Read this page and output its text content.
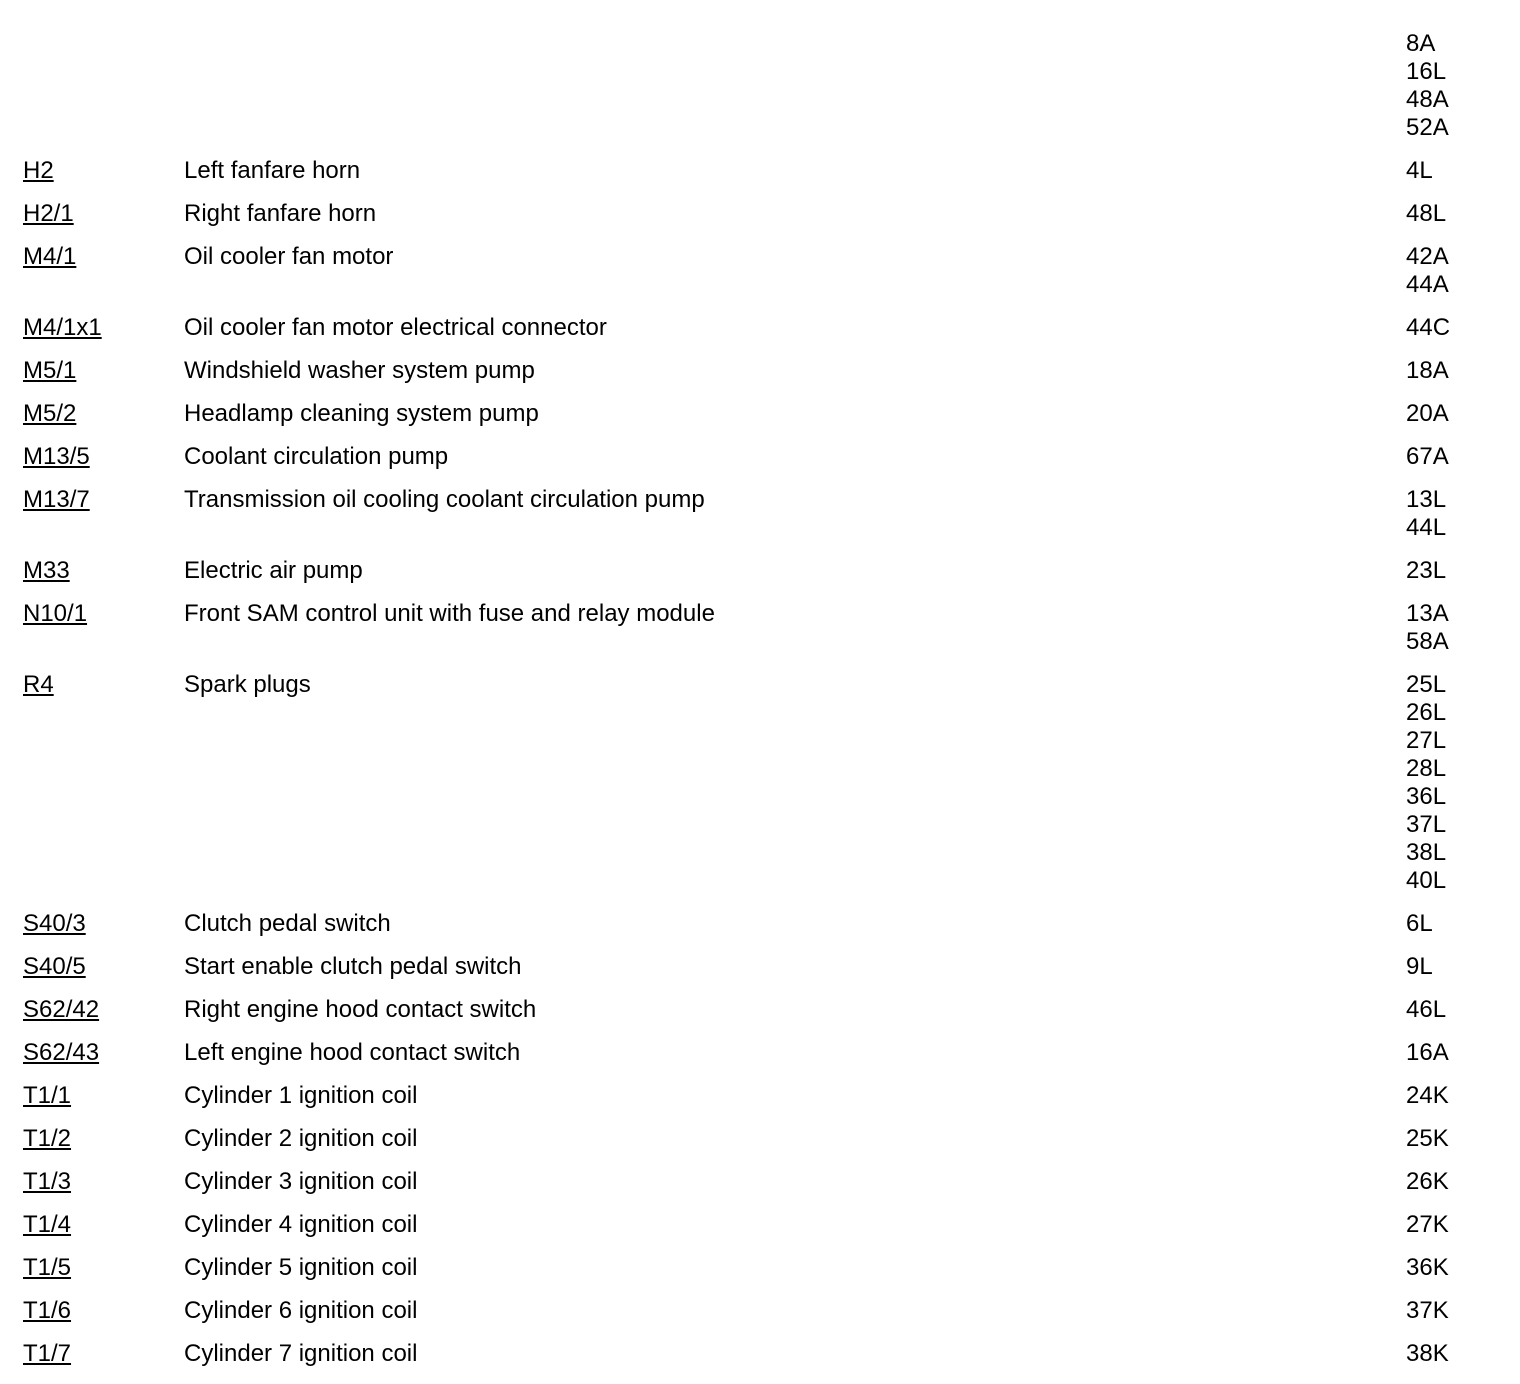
8A
16L
48A
52A
H2	Left fanfare horn	4L
H2/1	Right fanfare horn	48L
M4/1	Oil cooler fan motor	42A
44A
M4/1x1	Oil cooler fan motor electrical connector	44C
M5/1	Windshield washer system pump	18A
M5/2	Headlamp cleaning system pump	20A
M13/5	Coolant circulation pump	67A
M13/7	Transmission oil cooling coolant circulation pump	13L
44L
M33	Electric air pump	23L
N10/1	Front SAM control unit with fuse and relay module	13A
58A
R4	Spark plugs	25L
26L
27L
28L
36L
37L
38L
40L
S40/3	Clutch pedal switch	6L
S40/5	Start enable clutch pedal switch	9L
S62/42	Right engine hood contact switch	46L
S62/43	Left engine hood contact switch	16A
T1/1	Cylinder 1 ignition coil	24K
T1/2	Cylinder 2 ignition coil	25K
T1/3	Cylinder 3 ignition coil	26K
T1/4	Cylinder 4 ignition coil	27K
T1/5	Cylinder 5 ignition coil	36K
T1/6	Cylinder 6 ignition coil	37K
T1/7	Cylinder 7 ignition coil	38K
